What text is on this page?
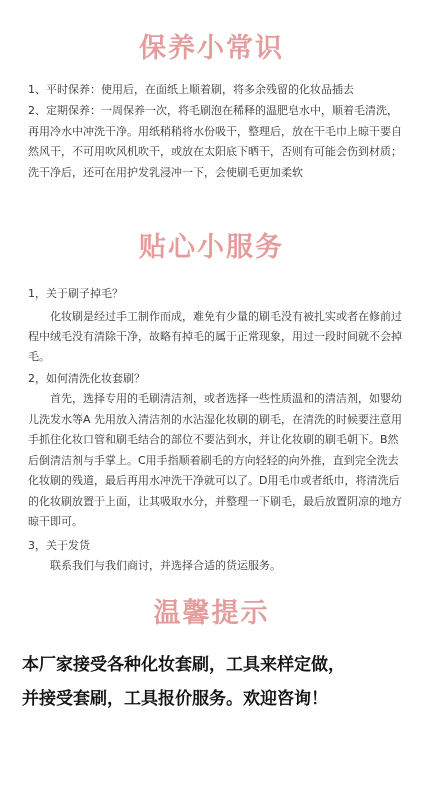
保养小常识

1、平时保养：使用后，在面纸上顺着刷，将多余残留的化妆品插去

2、定期保养：一周保养一次，将毛刷泡在稀释的温肥皂水中，顺着毛清洗，再用冷水中冲洗干净。用纸稍稍将水份吸干，整理后，放在干毛巾上晾干要自然风干，不可用吹风机吹干，或放在太阳底下晒干，否则有可能会伤到材质；洗干净后，还可在用护发乳浸冲一下，会使刷毛更加柔软

贴心小服务

1，关于刷子掉毛？

化妆刷是经过手工制作而成，难免有少量的刷毛没有被扎实或者在修前过程中绒毛没有清除干净，故略有掉毛的属于正常现象，用过一段时间就不会掉毛。

2，如何清洗化妆套刷？

首先，选择专用的毛刷清洁剂，或者选择一些性质温和的清洁剂，如婴幼儿洗发水等A 先用放入清洁剂的水沾湿化妆刷的刷毛，在清洗的时候要注意用手抓住化妆口管和刷毛结合的部位不要沾到水，并让化妆刷的刷毛朝下。B然后倒清洁剂与手掌上。C用手指顺着刷毛的方向轻轻的向外推，直到完全洗去化妆刷的残道，最后再用水冲洗干净就可以了。D用毛巾或者纸巾，将清洗后的化妆刷放置于上面，让其吸取水分，并整理一下刷毛，最后放置阴凉的地方晾干即可。

3，关于发货

联系我们与我们商讨，并选择合适的货运服务。

温馨提示

本厂家接受各种化妆套刷，工具来样定做，

并接受套刷，工具报价服务。欢迎咨询！
